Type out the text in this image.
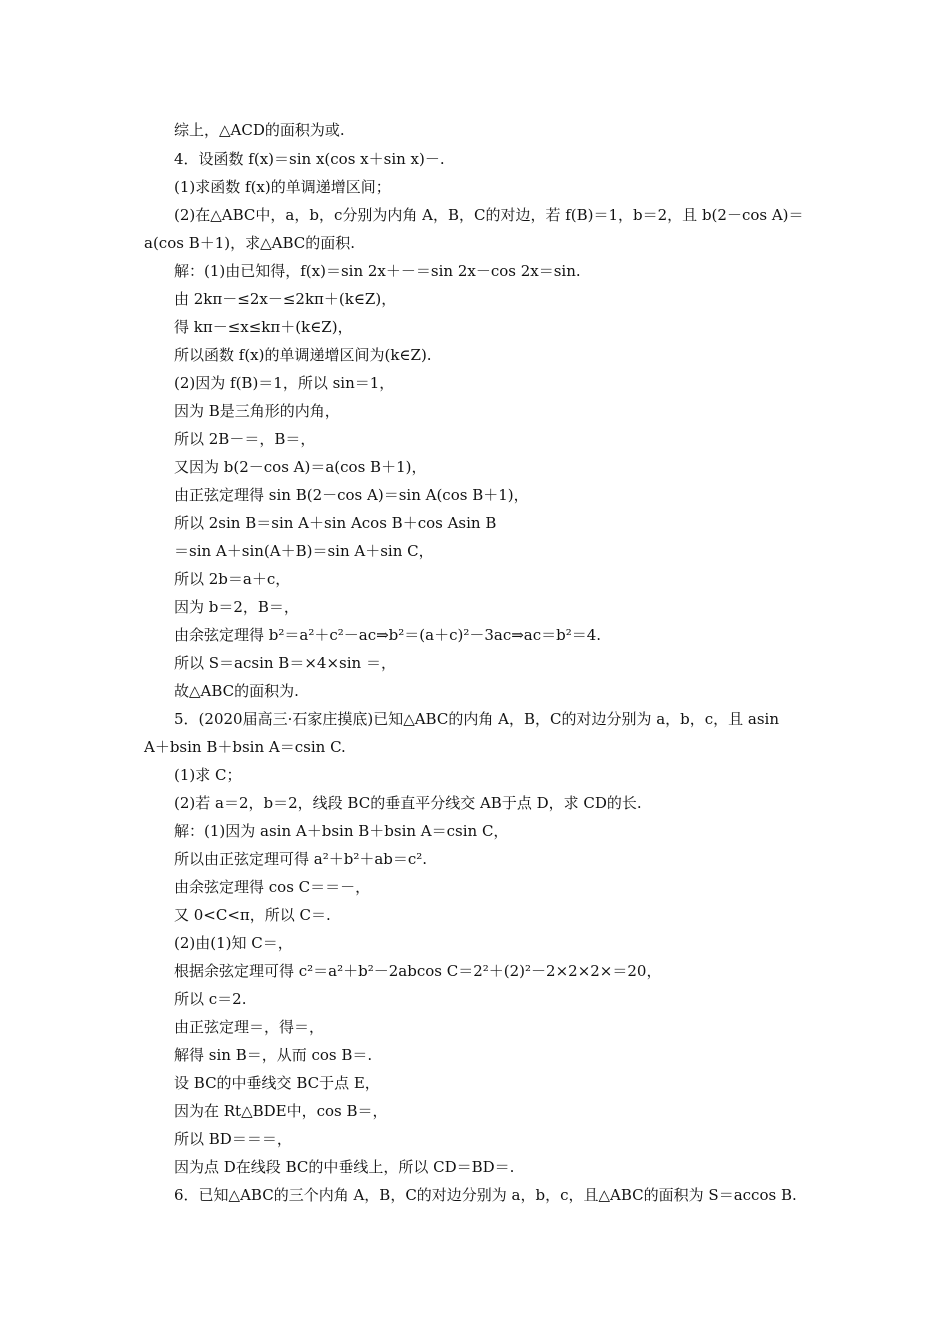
综上，△ACD的面积为或.
4．设函数 f(x)＝sin x(cos x＋sin x)－.
(1)求函数 f(x)的单调递增区间；
(2)在△ABC中，a，b，c分别为内角 A，B，C的对边，若 f(B)＝1，b＝2，且 b(2－cos A)＝
a(cos B＋1)，求△ABC的面积.
解：(1)由已知得，f(x)＝sin 2x＋－＝sin 2x－cos 2x＝sin.
由 2kπ－≤2x－≤2kπ＋(k∈Z)，
得 kπ－≤x≤kπ＋(k∈Z)，
所以函数 f(x)的单调递增区间为(k∈Z).
(2)因为 f(B)＝1，所以 sin＝1，
因为 B是三角形的内角，
所以 2B－＝，B＝，
又因为 b(2－cos A)＝a(cos B＋1)，
由正弦定理得 sin B(2－cos A)＝sin A(cos B＋1)，
所以 2sin B＝sin A＋sin Acos B＋cos Asin B
＝sin A＋sin(A＋B)＝sin A＋sin C，
所以 2b＝a＋c，
因为 b＝2，B＝，
由余弦定理得 b²＝a²＋c²－ac⇒b²＝(a＋c)²－3ac⇒ac＝b²＝4.
所以 S＝acsin B＝×4×sin ＝，
故△ABC的面积为.
5．(2020届高三·石家庄摸底)已知△ABC的内角 A，B，C的对边分别为 a，b，c，且 asin
A＋bsin B＋bsin A＝csin C.
(1)求 C；
(2)若 a＝2，b＝2，线段 BC的垂直平分线交 AB于点 D，求 CD的长.
解：(1)因为 asin A＋bsin B＋bsin A＝csin C，
所以由正弦定理可得 a²＋b²＋ab＝c².
由余弦定理得 cos C＝＝－，
又 0<C<π，所以 C＝.
(2)由(1)知 C＝，
根据余弦定理可得 c²＝a²＋b²－2abcos C＝2²＋(2)²－2×2×2×＝20，
所以 c＝2.
由正弦定理＝，得＝，
解得 sin B＝，从而 cos B＝.
设 BC的中垂线交 BC于点 E，
因为在 Rt△BDE中，cos B＝，
所以 BD＝＝＝，
因为点 D在线段 BC的中垂线上，所以 CD＝BD＝.
6．已知△ABC的三个内角 A，B，C的对边分别为 a，b，c，且△ABC的面积为 S＝accos B.
